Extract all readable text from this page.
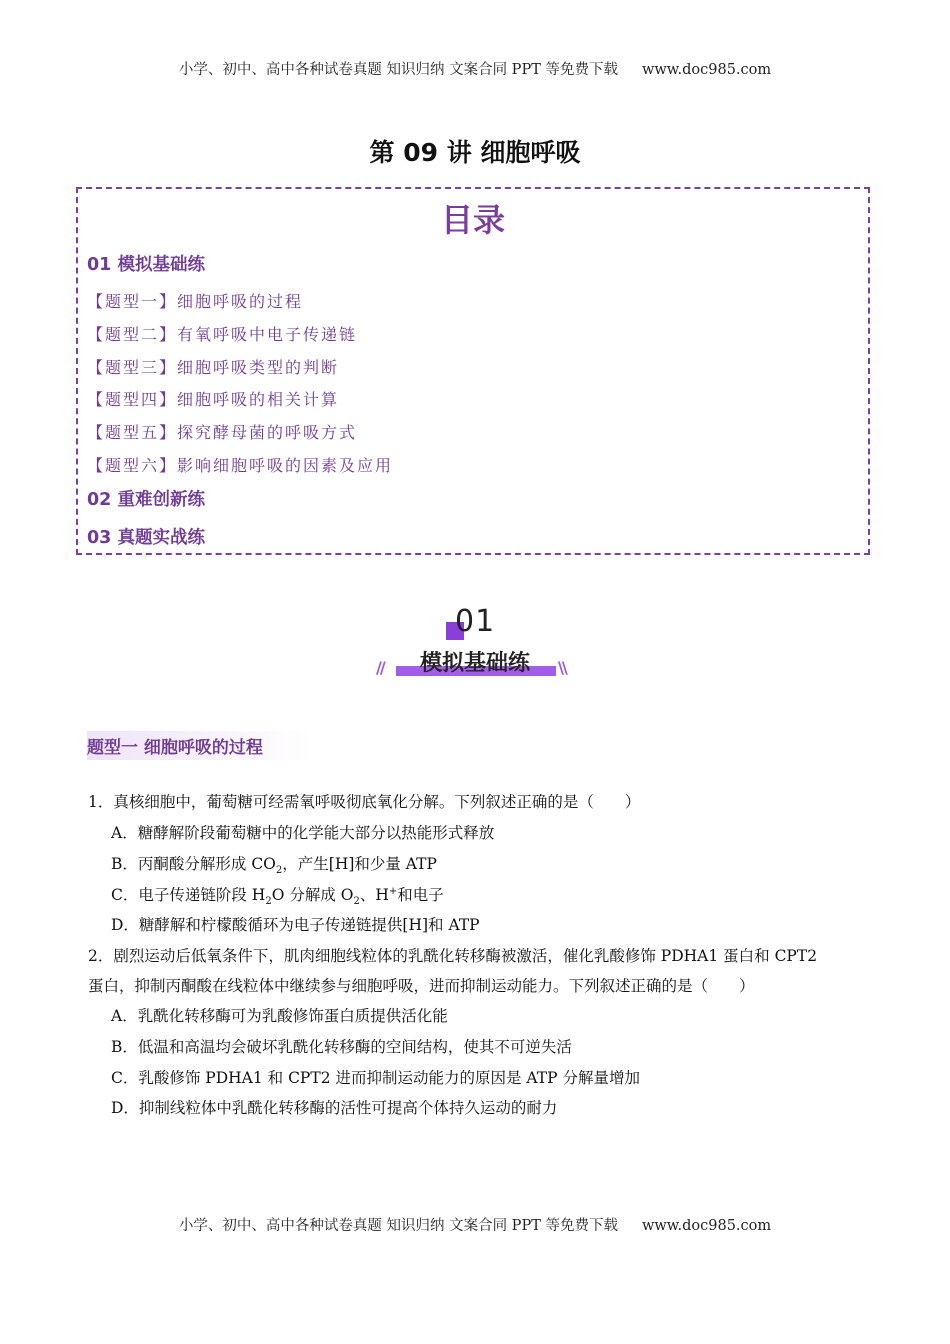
小学、初中、高中各种试卷真题 知识归纳 文案合同 PPT 等免费下载 www.doc985.com
第 09 讲 细胞呼吸
目录
01 模拟基础练
【题型一】细胞呼吸的过程
【题型二】有氧呼吸中电子传递链
【题型三】细胞呼吸类型的判断
【题型四】细胞呼吸的相关计算
【题型五】探究酵母菌的呼吸方式
【题型六】影响细胞呼吸的因素及应用
02 重难创新练
03 真题实战练
01
模拟基础练
//	\\
题型一 细胞呼吸的过程
1．真核细胞中，葡萄糖可经需氧呼吸彻底氧化分解。下列叙述正确的是（　　）
A．糖酵解阶段葡萄糖中的化学能大部分以热能形式释放
B．丙酮酸分解形成 $CO_2$，产生[H]和少量 ATP
C．电子传递链阶段 $H_2O$ 分解成 $O_2$、H+和电子
D．糖酵解和柠檬酸循环为电子传递链提供[H]和 ATP
2．剧烈运动后低氧条件下，肌肉细胞线粒体的乳酰化转移酶被激活，催化乳酸修饰 PDHA1 蛋白和 CPT2
蛋白，抑制丙酮酸在线粒体中继续参与细胞呼吸，进而抑制运动能力。下列叙述正确的是（　　）
A．乳酰化转移酶可为乳酸修饰蛋白质提供活化能
B．低温和高温均会破坏乳酰化转移酶的空间结构，使其不可逆失活
C．乳酸修饰 PDHA1 和 CPT2 进而抑制运动能力的原因是 ATP 分解量增加
D．抑制线粒体中乳酰化转移酶的活性可提高个体持久运动的耐力
小学、初中、高中各种试卷真题 知识归纳 文案合同 PPT 等免费下载 www.doc985.com
